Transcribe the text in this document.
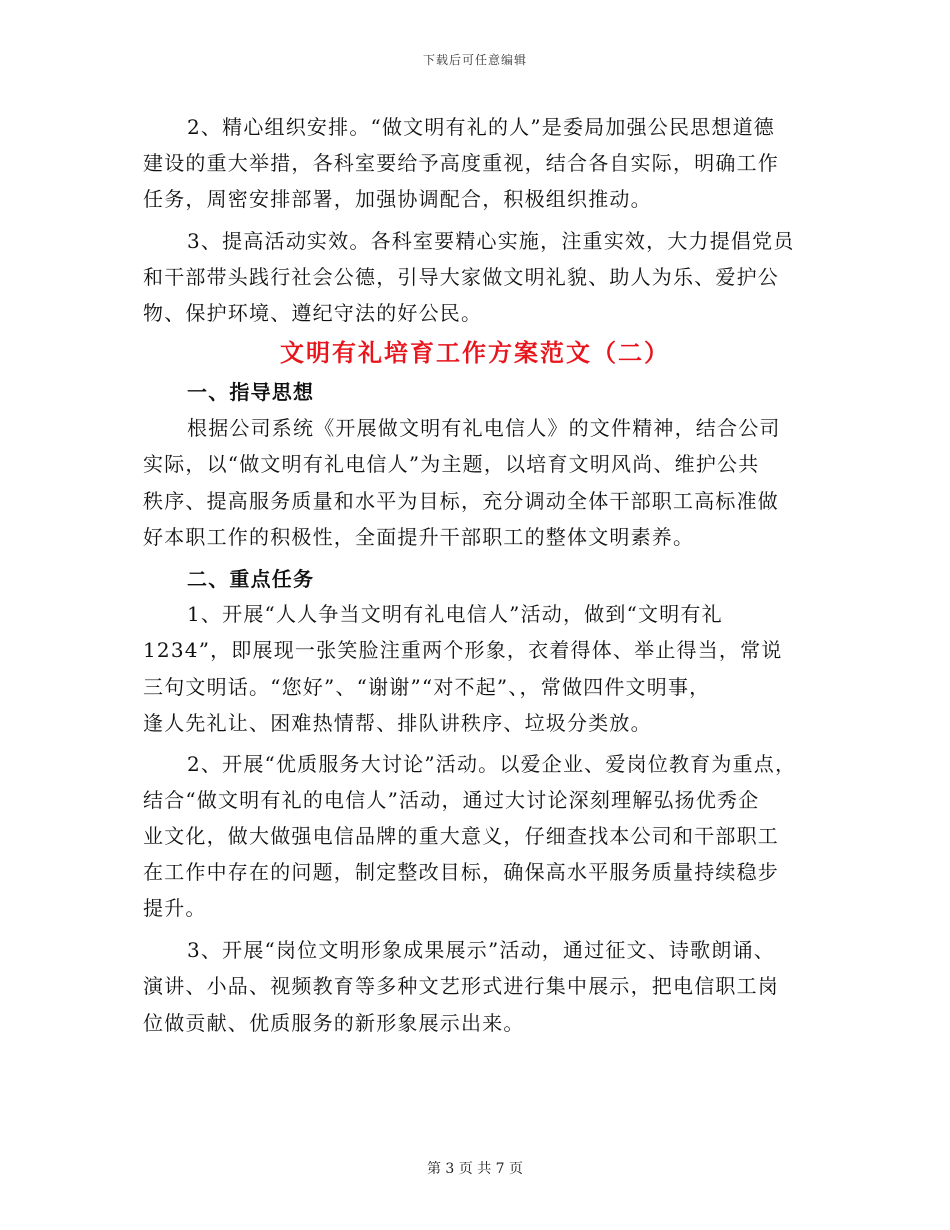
下载后可任意编辑
2、精心组织安排。“做文明有礼的人”是委局加强公民思想道德
建设的重大举措，各科室要给予高度重视，结合各自实际，明确工作
任务，周密安排部署，加强协调配合，积极组织推动。
3、提高活动实效。各科室要精心实施，注重实效，大力提倡党员
和干部带头践行社会公德，引导大家做文明礼貌、助人为乐、爱护公
物、保护环境、遵纪守法的好公民。
文明有礼培育工作方案范文（二）
一、指导思想
根据公司系统《开展做文明有礼电信人》的文件精神，结合公司
实际，以“做文明有礼电信人”为主题，以培育文明风尚、维护公共
秩序、提高服务质量和水平为目标，充分调动全体干部职工高标准做
好本职工作的积极性，全面提升干部职工的整体文明素养。
二、重点任务
1、开展“人人争当文明有礼电信人”活动，做到“文明有礼
1234”，即展现一张笑脸注重两个形象，衣着得体、举止得当，常说
三句文明话。“您好”、“谢谢”“对不起”、，常做四件文明事，
逢人先礼让、困难热情帮、排队讲秩序、垃圾分类放。
2、开展“优质服务大讨论”活动。以爱企业、爱岗位教育为重点，
结合“做文明有礼的电信人”活动，通过大讨论深刻理解弘扬优秀企
业文化，做大做强电信品牌的重大意义，仔细查找本公司和干部职工
在工作中存在的问题，制定整改目标，确保高水平服务质量持续稳步
提升。
3、开展“岗位文明形象成果展示”活动，通过征文、诗歌朗诵、
演讲、小品、视频教育等多种文艺形式进行集中展示，把电信职工岗
位做贡献、优质服务的新形象展示出来。
第 3 页 共 7 页
